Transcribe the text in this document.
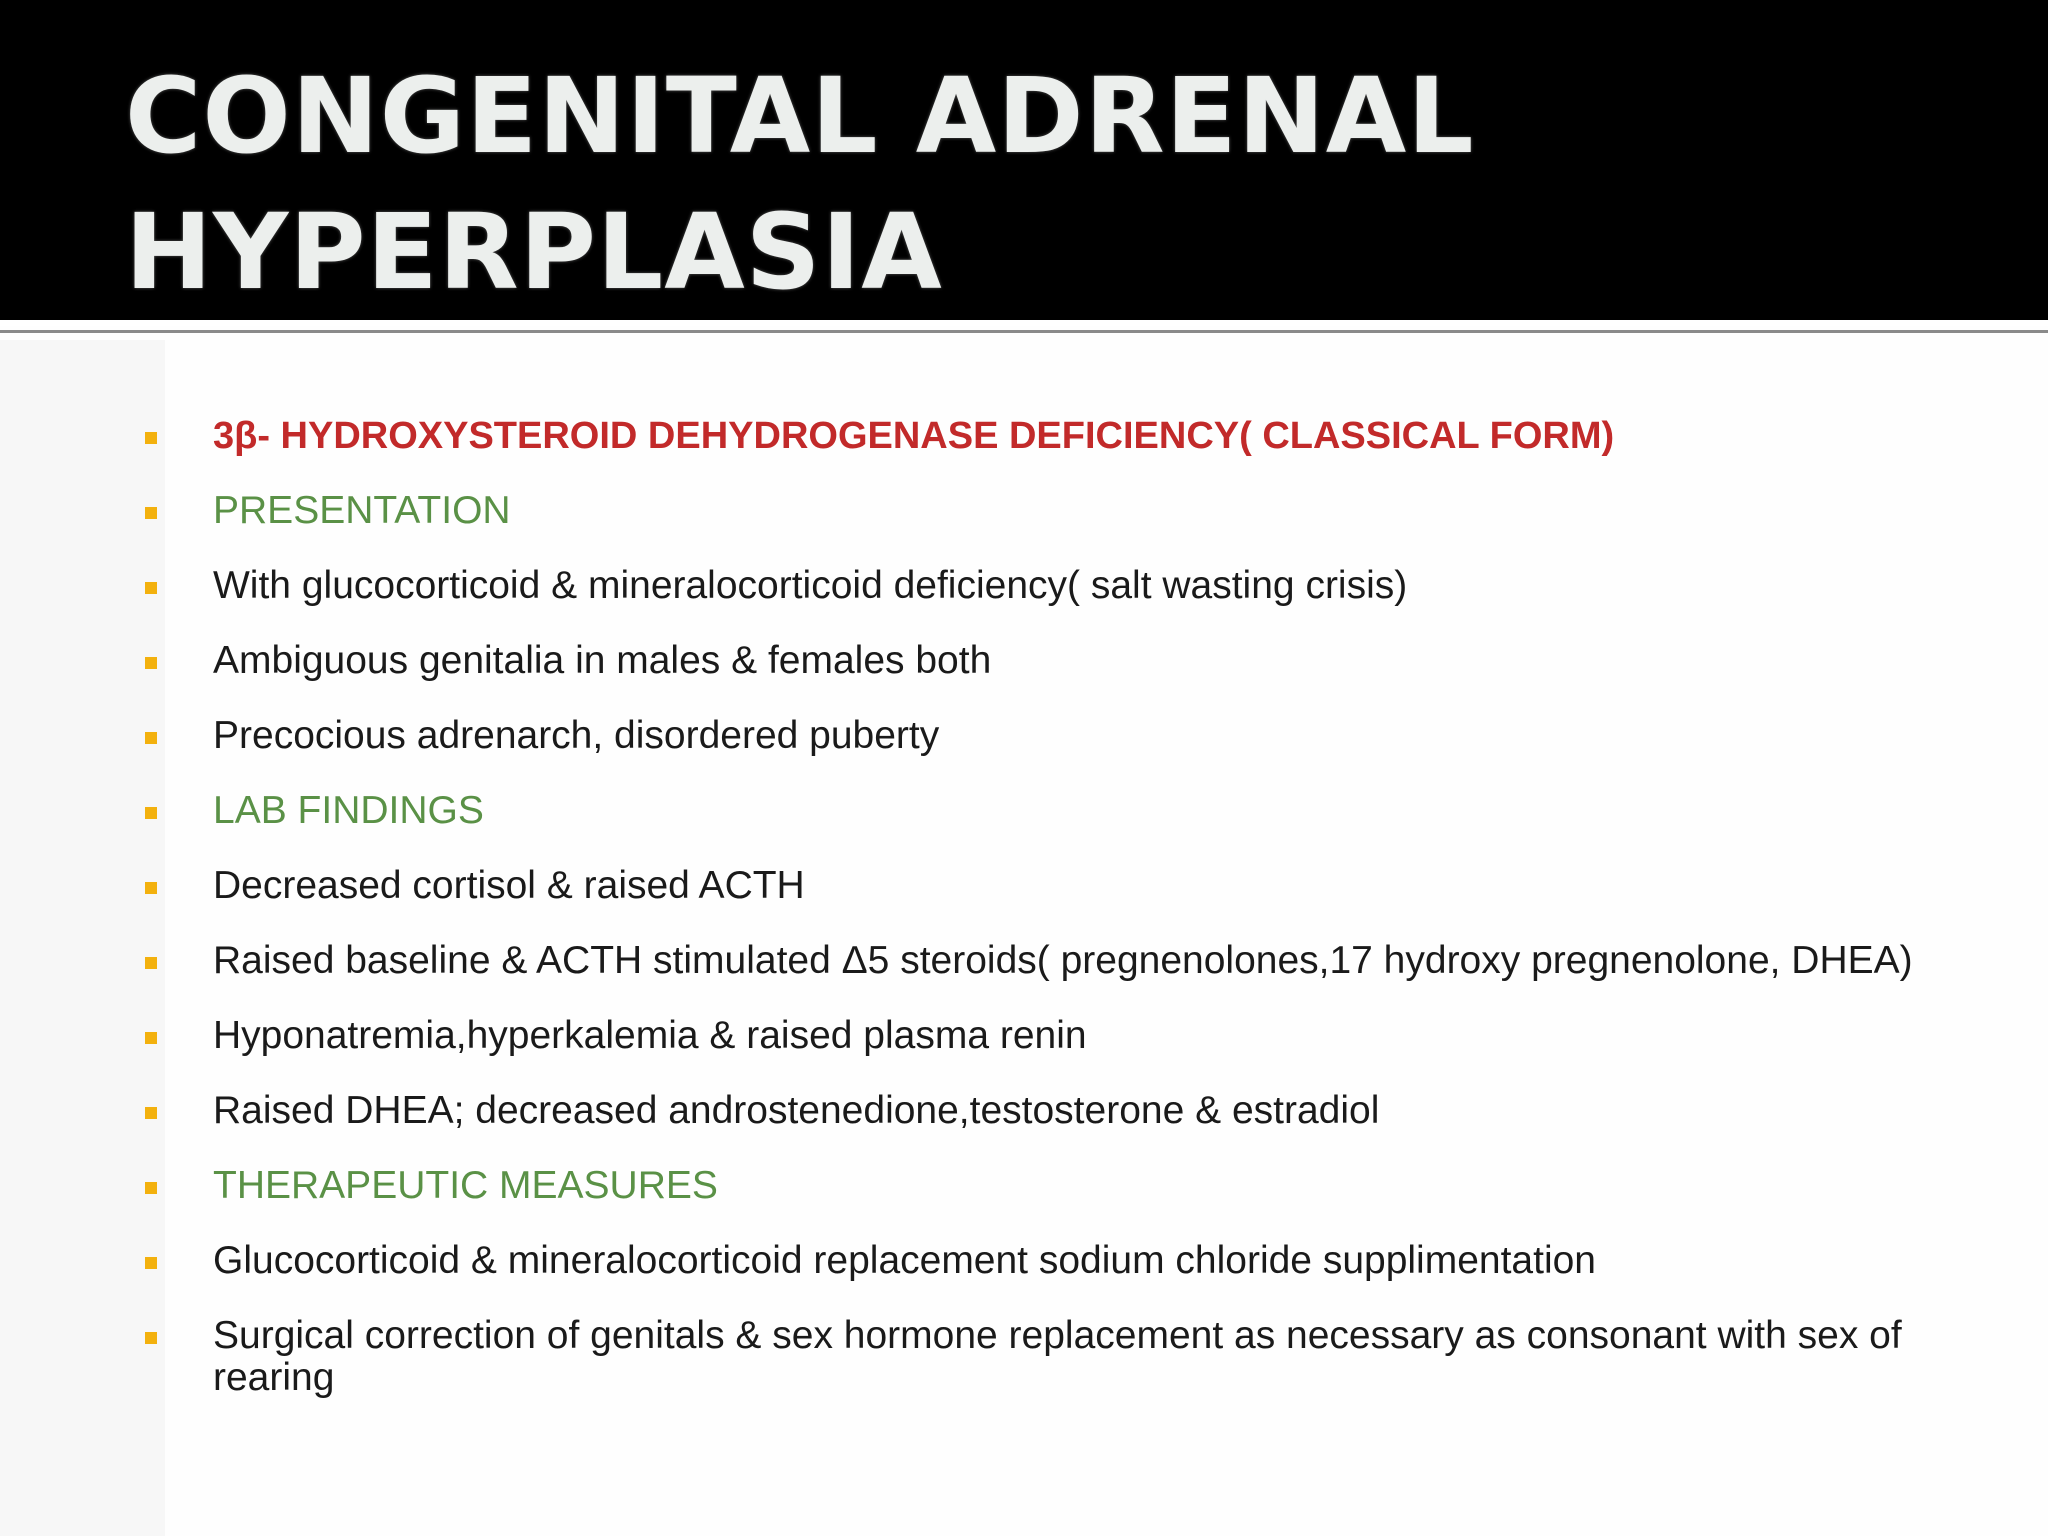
CONGENITAL ADRENAL
HYPERPLASIA
3β- HYDROXYSTEROID DEHYDROGENASE DEFICIENCY( CLASSICAL FORM)
PRESENTATION
With glucocorticoid & mineralocorticoid deficiency( salt wasting crisis)
Ambiguous genitalia in males & females both
Precocious adrenarch, disordered puberty
LAB FINDINGS
Decreased cortisol & raised ACTH
Raised baseline & ACTH stimulated Δ5 steroids( pregnenolones,17 hydroxy pregnenolone, DHEA)
Hyponatremia,hyperkalemia & raised plasma renin
Raised DHEA; decreased androstenedione,testosterone & estradiol
THERAPEUTIC MEASURES
Glucocorticoid & mineralocorticoid replacement sodium chloride supplimentation
Surgical correction of genitals & sex hormone replacement as necessary as consonant with sex of rearing
